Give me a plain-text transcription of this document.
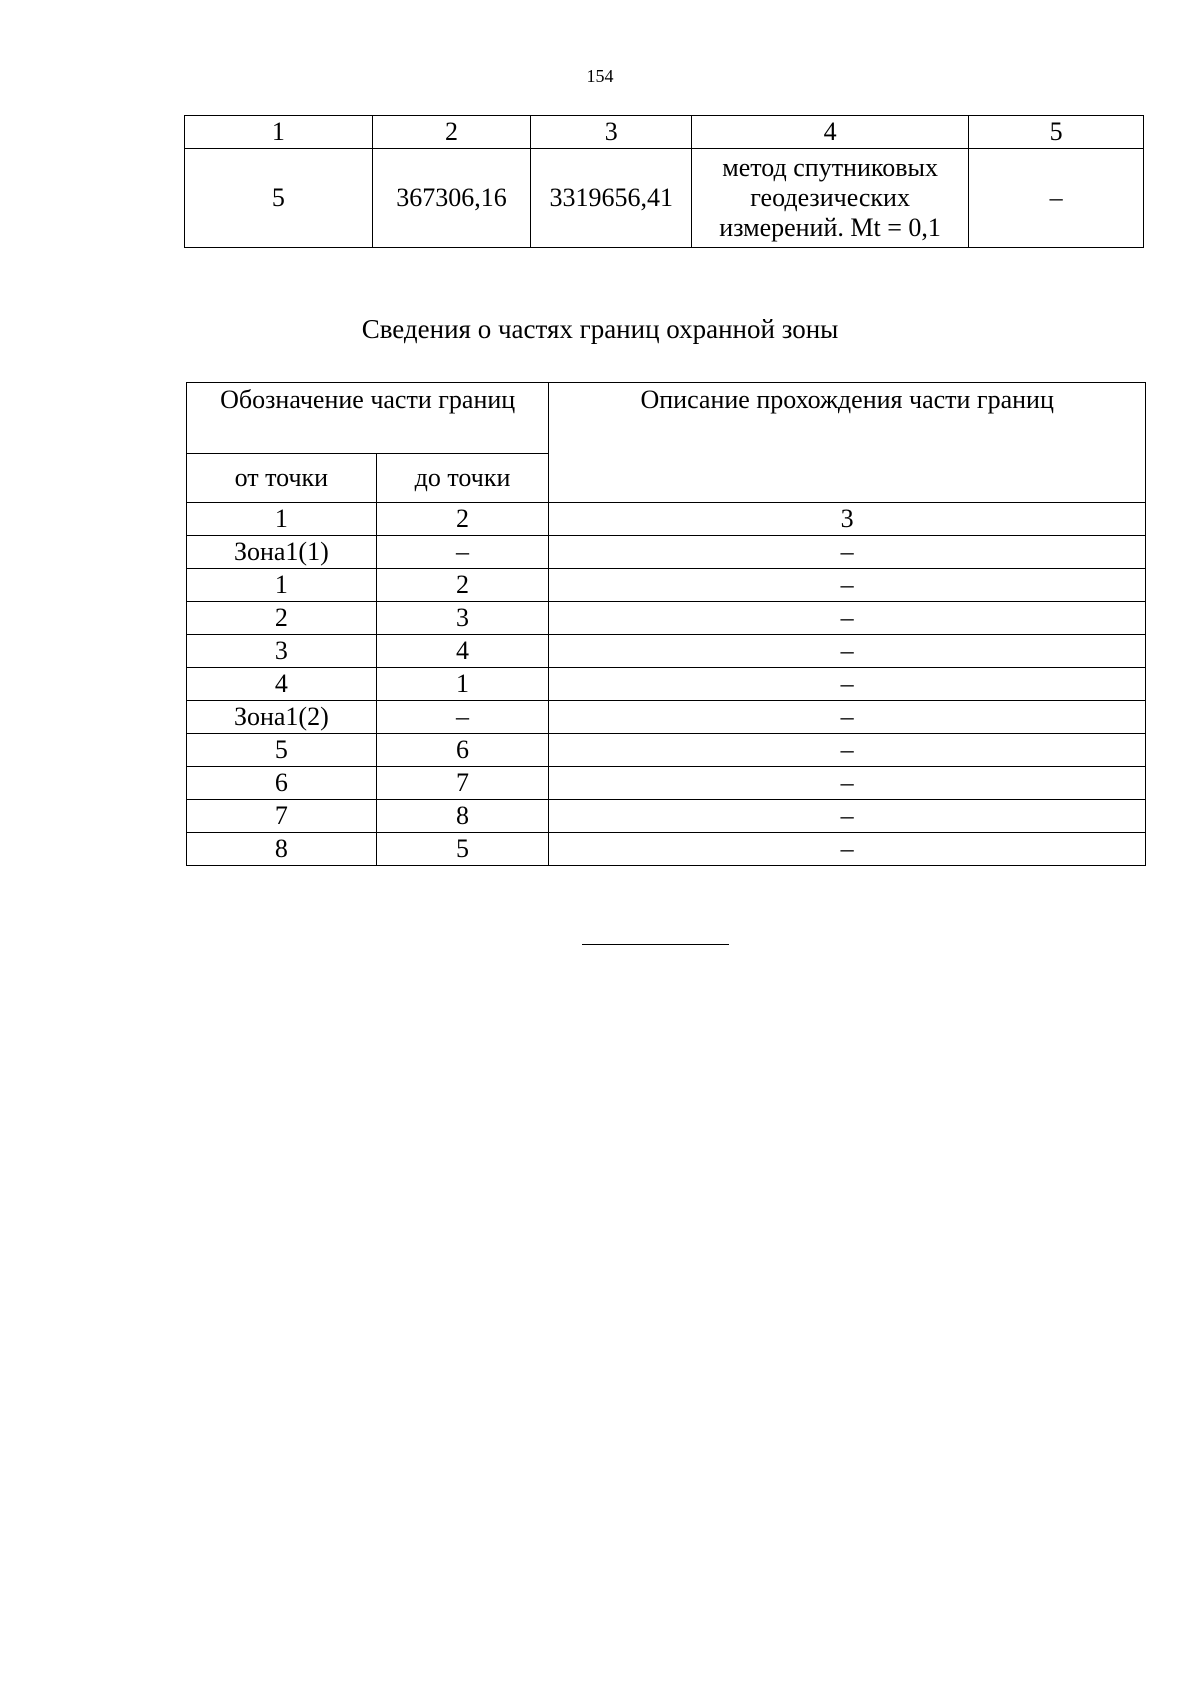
154
1	2	3	4	5
5	367306,16	3319656,41	метод спутниковых
геодезических
измерений. Mt = 0,1	–
Сведения о частях границ охранной зоны
Обозначение части границ		Описание прохождения части границ
от точки	до точки	
1	2	3
Зона1(1)	–	–
1	2	–
2	3	–
3	4	–
4	1	–
Зона1(2)	–	–
5	6	–
6	7	–
7	8	–
8	5	–
